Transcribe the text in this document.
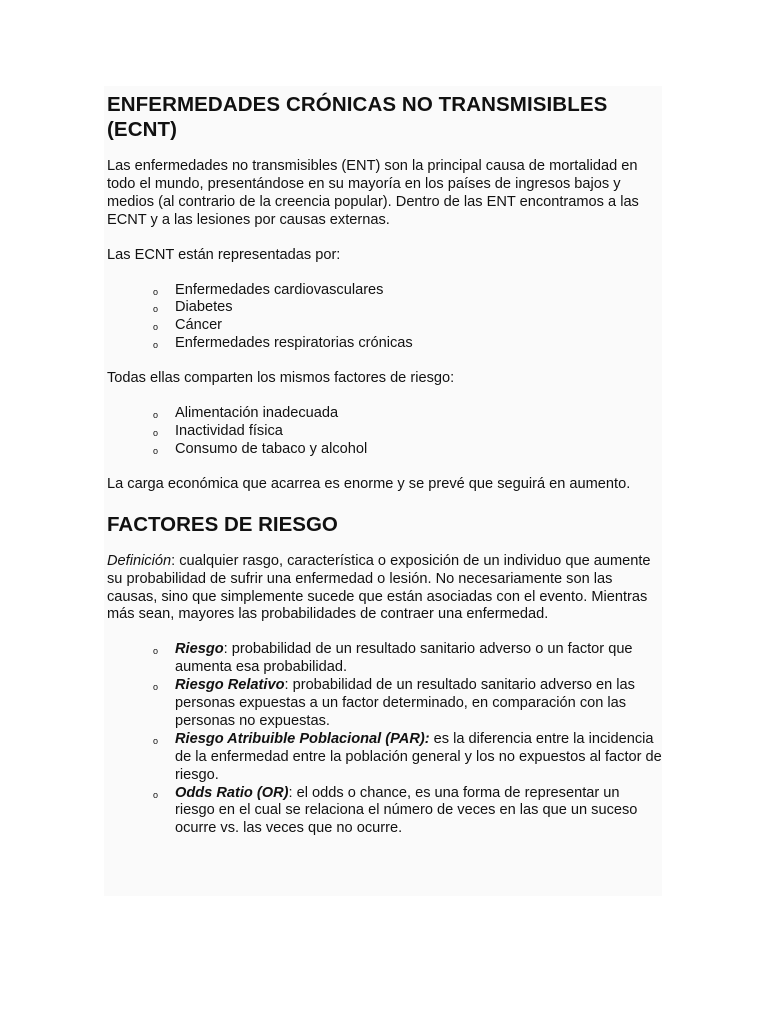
ENFERMEDADES CRÓNICAS NO TRANSMISIBLES (ECNT)

Las enfermedades no transmisibles (ENT) son la principal causa de mortalidad en todo el mundo, presentándose en su mayoría en los países de ingresos bajos y medios (al contrario de la creencia popular). Dentro de las ENT encontramos a las ECNT y a las lesiones por causas externas.

Las ECNT están representadas por:

o Enfermedades cardiovasculares
o Diabetes
o Cáncer
o Enfermedades respiratorias crónicas

Todas ellas comparten los mismos factores de riesgo:

o Alimentación inadecuada
o Inactividad física
o Consumo de tabaco y alcohol

La carga económica que acarrea es enorme y se prevé que seguirá en aumento.

FACTORES DE RIESGO

Definición: cualquier rasgo, característica o exposición de un individuo que aumente su probabilidad de sufrir una enfermedad o lesión. No necesariamente son las causas, sino que simplemente sucede que están asociadas con el evento. Mientras más sean, mayores las probabilidades de contraer una enfermedad.

o Riesgo: probabilidad de un resultado sanitario adverso o un factor que aumenta esa probabilidad.
o Riesgo Relativo: probabilidad de un resultado sanitario adverso en las personas expuestas a un factor determinado, en comparación con las personas no expuestas.
o Riesgo Atribuible Poblacional (PAR): es la diferencia entre la incidencia de la enfermedad entre la población general y los no expuestos al factor de riesgo.
o Odds Ratio (OR): el odds o chance, es una forma de representar un riesgo en el cual se relaciona el número de veces en las que un suceso ocurre vs. las veces que no ocurre.
